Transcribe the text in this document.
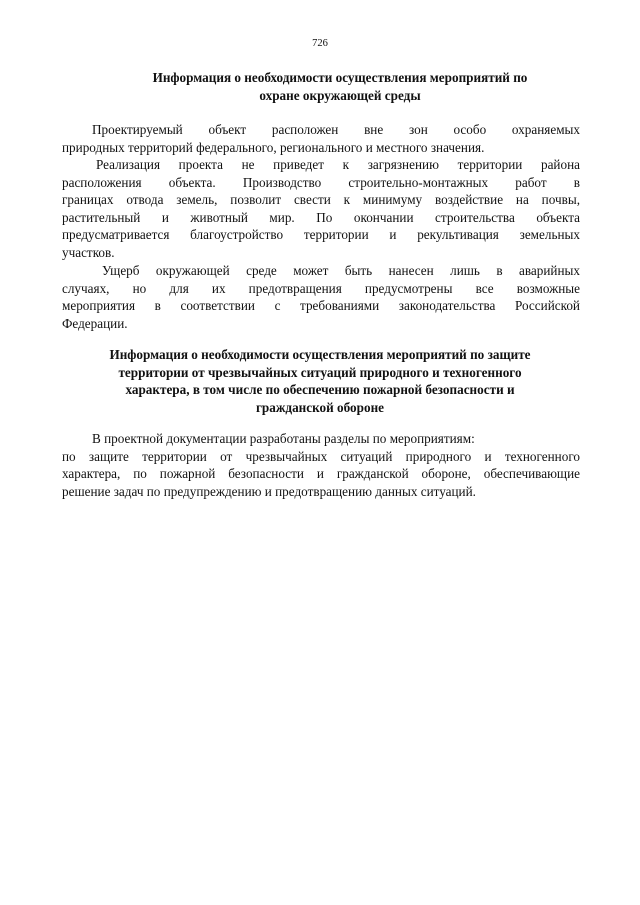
726
Информация о необходимости осуществления мероприятий по
охране окружающей среды
Проектируемый объект расположен вне зон особо охраняемых
природных территорий федерального, регионального и местного значения.
Реализация проекта не приведет к загрязнению территории района
расположения объекта. Производство строительно-монтажных работ в
границах отвода земель, позволит свести к минимуму воздействие на почвы,
растительный и животный мир. По окончании строительства объекта
предусматривается благоустройство территории и рекультивация земельных
участков.
Ущерб окружающей среде может быть нанесен лишь в аварийных
случаях, но для их предотвращения предусмотрены все возможные
мероприятия в соответствии с требованиями законодательства Российской
Федерации.
Информация о необходимости осуществления мероприятий по защите
территории от чрезвычайных ситуаций природного и техногенного
характера, в том числе по обеспечению пожарной безопасности и
гражданской обороне
В проектной документации разработаны разделы по мероприятиям:
по защите территории от чрезвычайных ситуаций природного и техногенного
характера, по пожарной безопасности и гражданской обороне, обеспечивающие
решение задач по предупреждению и предотвращению данных ситуаций.
